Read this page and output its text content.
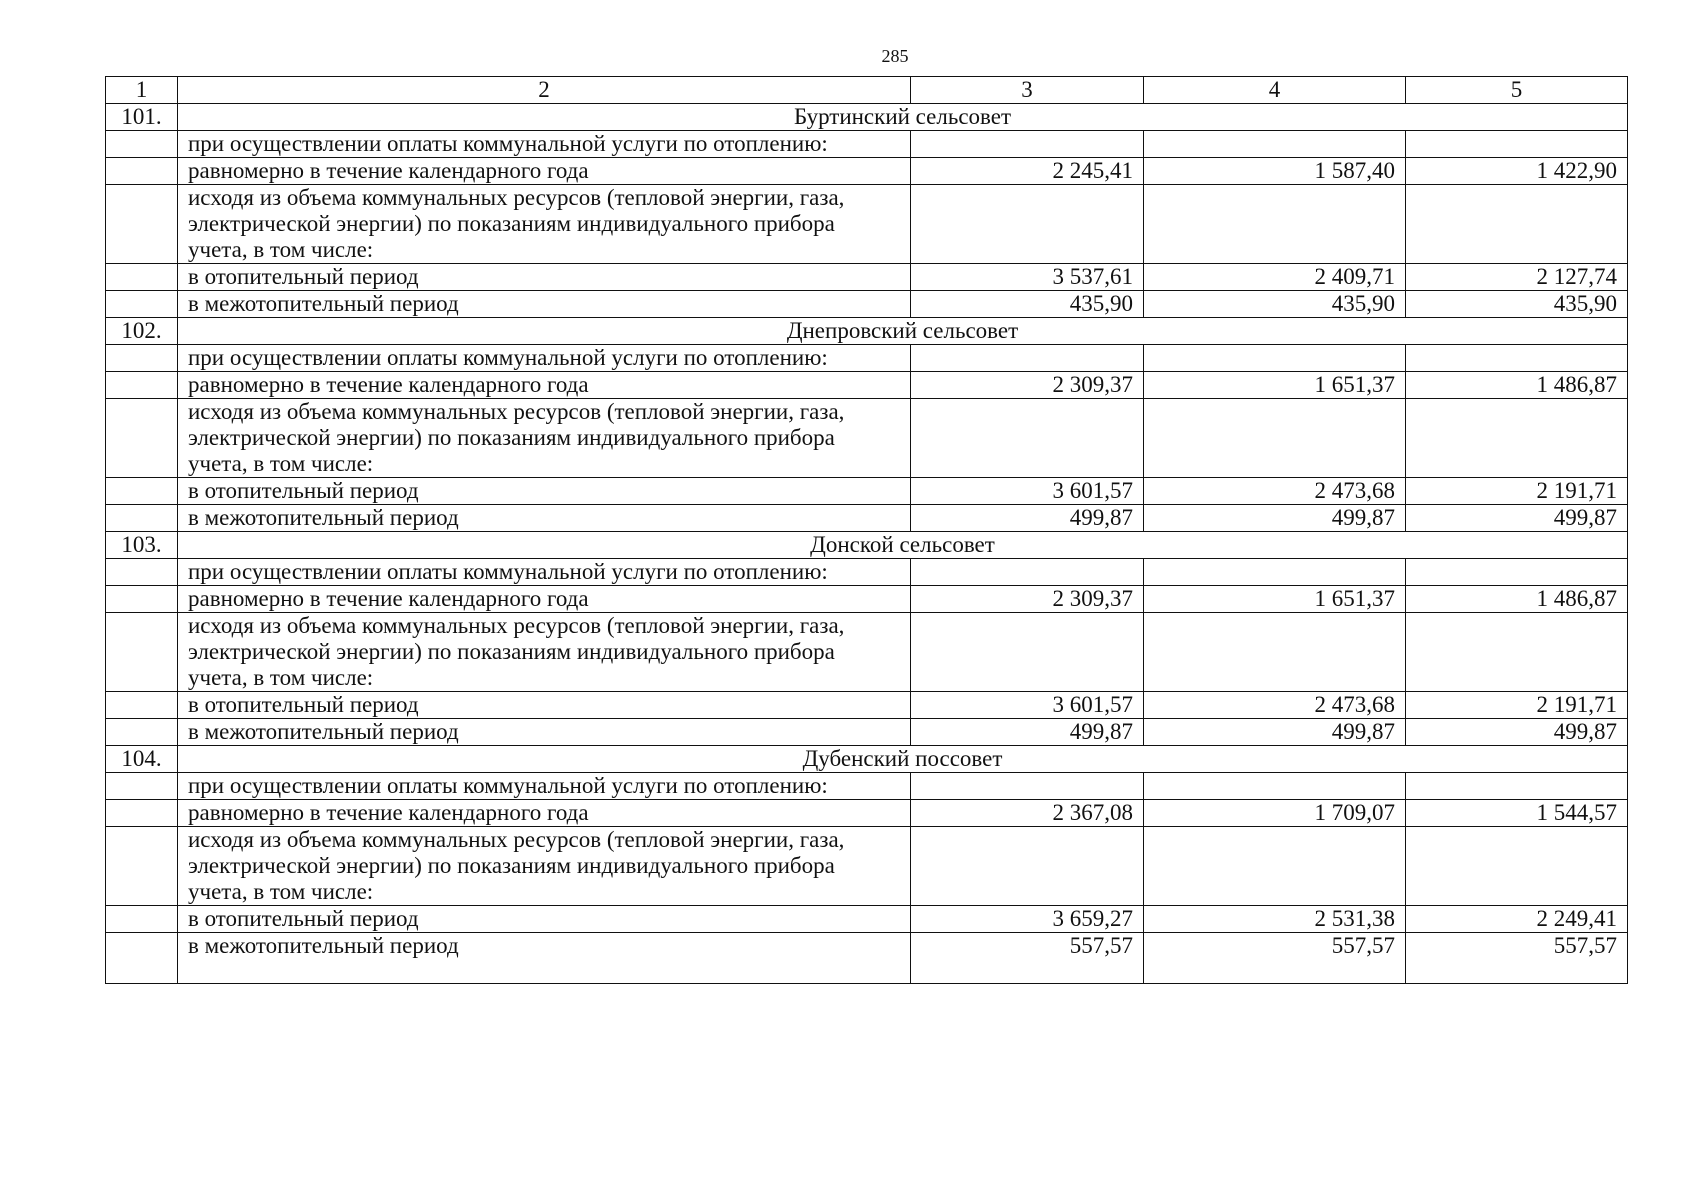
285
1	2	3	4	5
101.	Буртинский сельсовет			
	при осуществлении оплаты коммунальной услуги по отоплению:			
	равномерно в течение календарного года	2 245,41	1 587,40	1 422,90
	исходя из объема коммунальных ресурсов (тепловой энергии, газа, электрической энергии) по показаниям индивидуального прибора учета, в том числе:			
	в отопительный период	3 537,61	2 409,71	2 127,74
	в межотопительный период	435,90	435,90	435,90
102.	Днепровский сельсовет			
	при осуществлении оплаты коммунальной услуги по отоплению:			
	равномерно в течение календарного года	2 309,37	1 651,37	1 486,87
	исходя из объема коммунальных ресурсов (тепловой энергии, газа, электрической энергии) по показаниям индивидуального прибора учета, в том числе:			
	в отопительный период	3 601,57	2 473,68	2 191,71
	в межотопительный период	499,87	499,87	499,87
103.	Донской сельсовет			
	при осуществлении оплаты коммунальной услуги по отоплению:			
	равномерно в течение календарного года	2 309,37	1 651,37	1 486,87
	исходя из объема коммунальных ресурсов (тепловой энергии, газа, электрической энергии) по показаниям индивидуального прибора учета, в том числе:			
	в отопительный период	3 601,57	2 473,68	2 191,71
	в межотопительный период	499,87	499,87	499,87
104.	Дубенский поссовет			
	при осуществлении оплаты коммунальной услуги по отоплению:			
	равномерно в течение календарного года	2 367,08	1 709,07	1 544,57
	исходя из объема коммунальных ресурсов (тепловой энергии, газа, электрической энергии) по показаниям индивидуального прибора учета, в том числе:			
	в отопительный период	3 659,27	2 531,38	2 249,41
	в межотопительный период	557,57	557,57	557,57
